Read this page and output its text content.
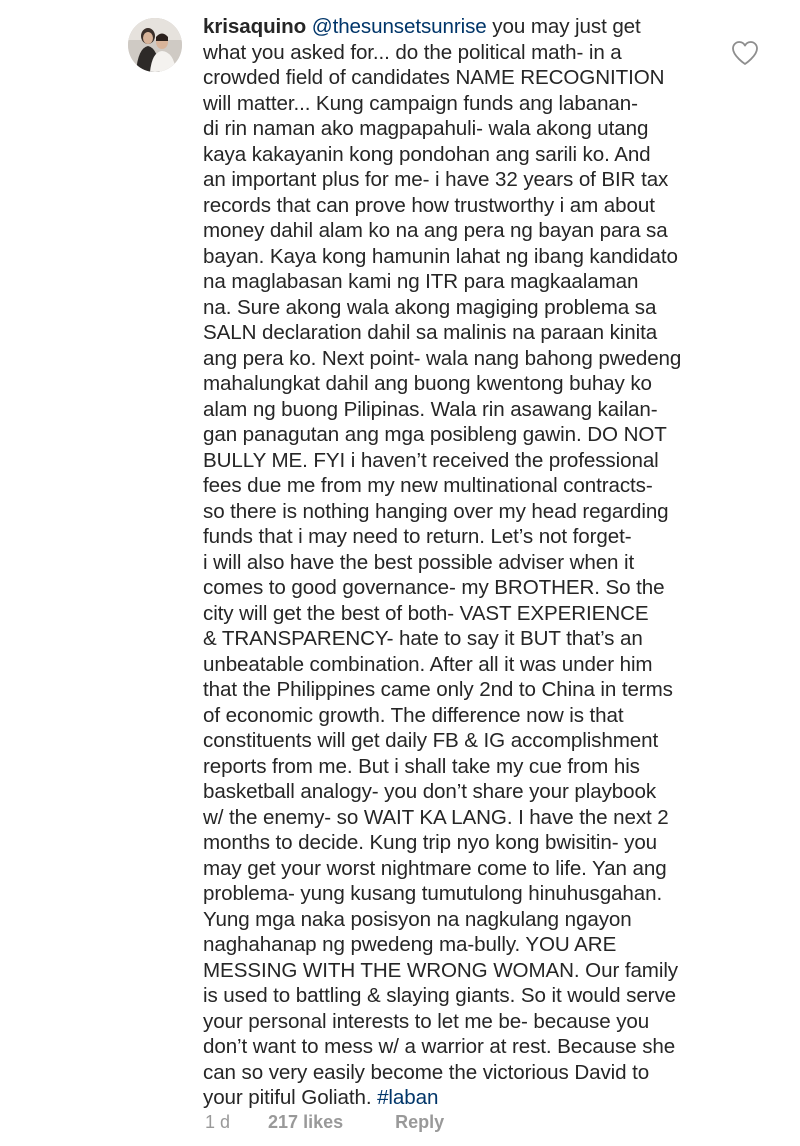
krisaquino @thesunsetsunrise you may just get
what you asked for... do the political math- in a
crowded field of candidates NAME RECOGNITION
will matter... Kung campaign funds ang labanan-
di rin naman ako magpapahuli- wala akong utang
kaya kakayanin kong pondohan ang sarili ko. And
an important plus for me- i have 32 years of BIR tax
records that can prove how trustworthy i am about
money dahil alam ko na ang pera ng bayan para sa
bayan. Kaya kong hamunin lahat ng ibang kandidato
na maglabasan kami ng ITR para magkaalaman
na. Sure akong wala akong magiging problema sa
SALN declaration dahil sa malinis na paraan kinita
ang pera ko. Next point- wala nang bahong pwedeng
mahalungkat dahil ang buong kwentong buhay ko
alam ng buong Pilipinas. Wala rin asawang kailan-
gan panagutan ang mga posibleng gawin. DO NOT
BULLY ME. FYI i haven’t received the professional
fees due me from my new multinational contracts-
so there is nothing hanging over my head regarding
funds that i may need to return. Let’s not forget-
i will also have the best possible adviser when it
comes to good governance- my BROTHER. So the
city will get the best of both- VAST EXPERIENCE
& TRANSPARENCY- hate to say it BUT that’s an
unbeatable combination. After all it was under him
that the Philippines came only 2nd to China in terms
of economic growth. The difference now is that
constituents will get daily FB & IG accomplishment
reports from me. But i shall take my cue from his
basketball analogy- you don’t share your playbook
w/ the enemy- so WAIT KA LANG. I have the next 2
months to decide. Kung trip nyo kong bwisitin- you
may get your worst nightmare come to life. Yan ang
problema- yung kusang tumutulong hinuhusgahan.
Yung mga naka posisyon na nagkulang ngayon
naghahanap ng pwedeng ma-bully. YOU ARE
MESSING WITH THE WRONG WOMAN. Our family
is used to battling & slaying giants. So it would serve
your personal interests to let me be- because you
don’t want to mess w/ a warrior at rest. Because she
can so very easily become the victorious David to
your pitiful Goliath. #laban

1 d 217 likes	Reply
